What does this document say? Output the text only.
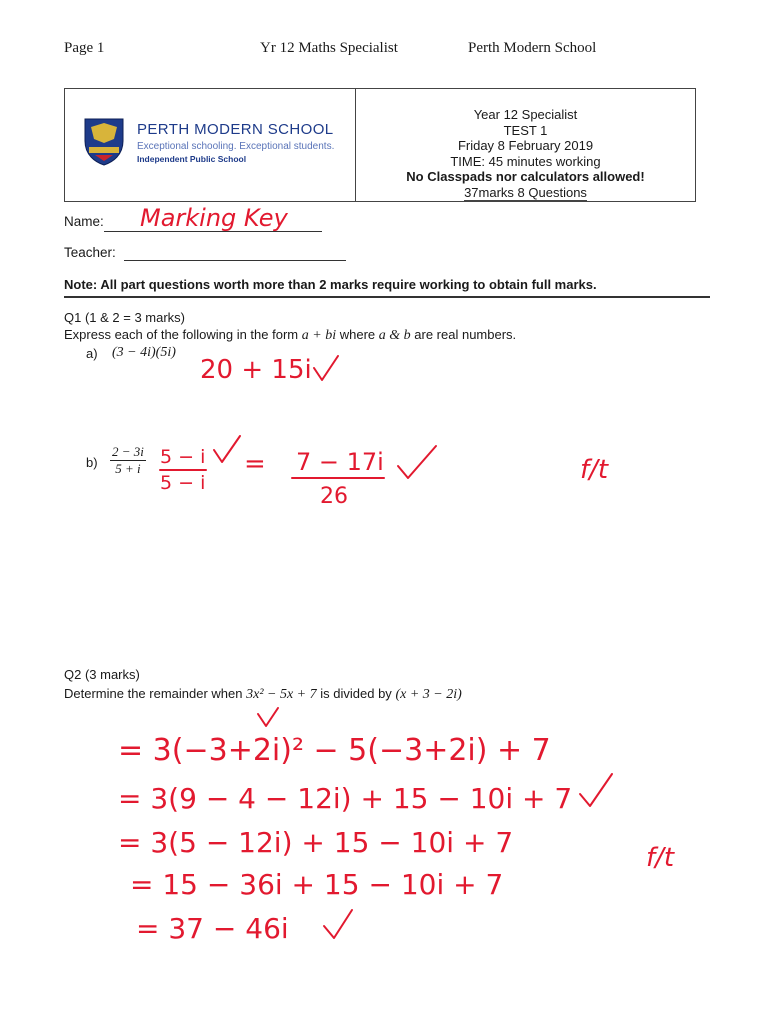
Page 1	Yr 12 Maths Specialist	Perth Modern School
PERTH MODERN SCHOOL
Exceptional schooling. Exceptional students.
Independent Public School
Year 12 Specialist
TEST 1
Friday 8 February 2019
TIME: 45 minutes working
No Classpads nor calculators allowed!
37marks 8 Questions
Name:
Teacher:
Note: All part questions worth more than 2 marks require working to obtain full marks.
Q1 (1 & 2 = 3 marks)
Express each of the following in the form a + bi where a & b are real numbers.
a) (3 − 4i)(5i)
$b) \frac{2 - 3i}{5 + i}$
Q2 (3 marks)
Determine the remainder when 3x² − 5x + 7 is divided by (x + 3 − 2i)
Marking Key
20 + 15i
5 − i
5 − i
= 7 − 17i
26
f/t
= 3(−3+2i)² − 5(−3+2i) + 7
= 3(9 − 4 − 12i) + 15 − 10i + 7
= 3(5 − 12i) + 15 − 10i + 7
= 15 − 36i + 15 − 10i + 7
= 37 − 46i
f/t
